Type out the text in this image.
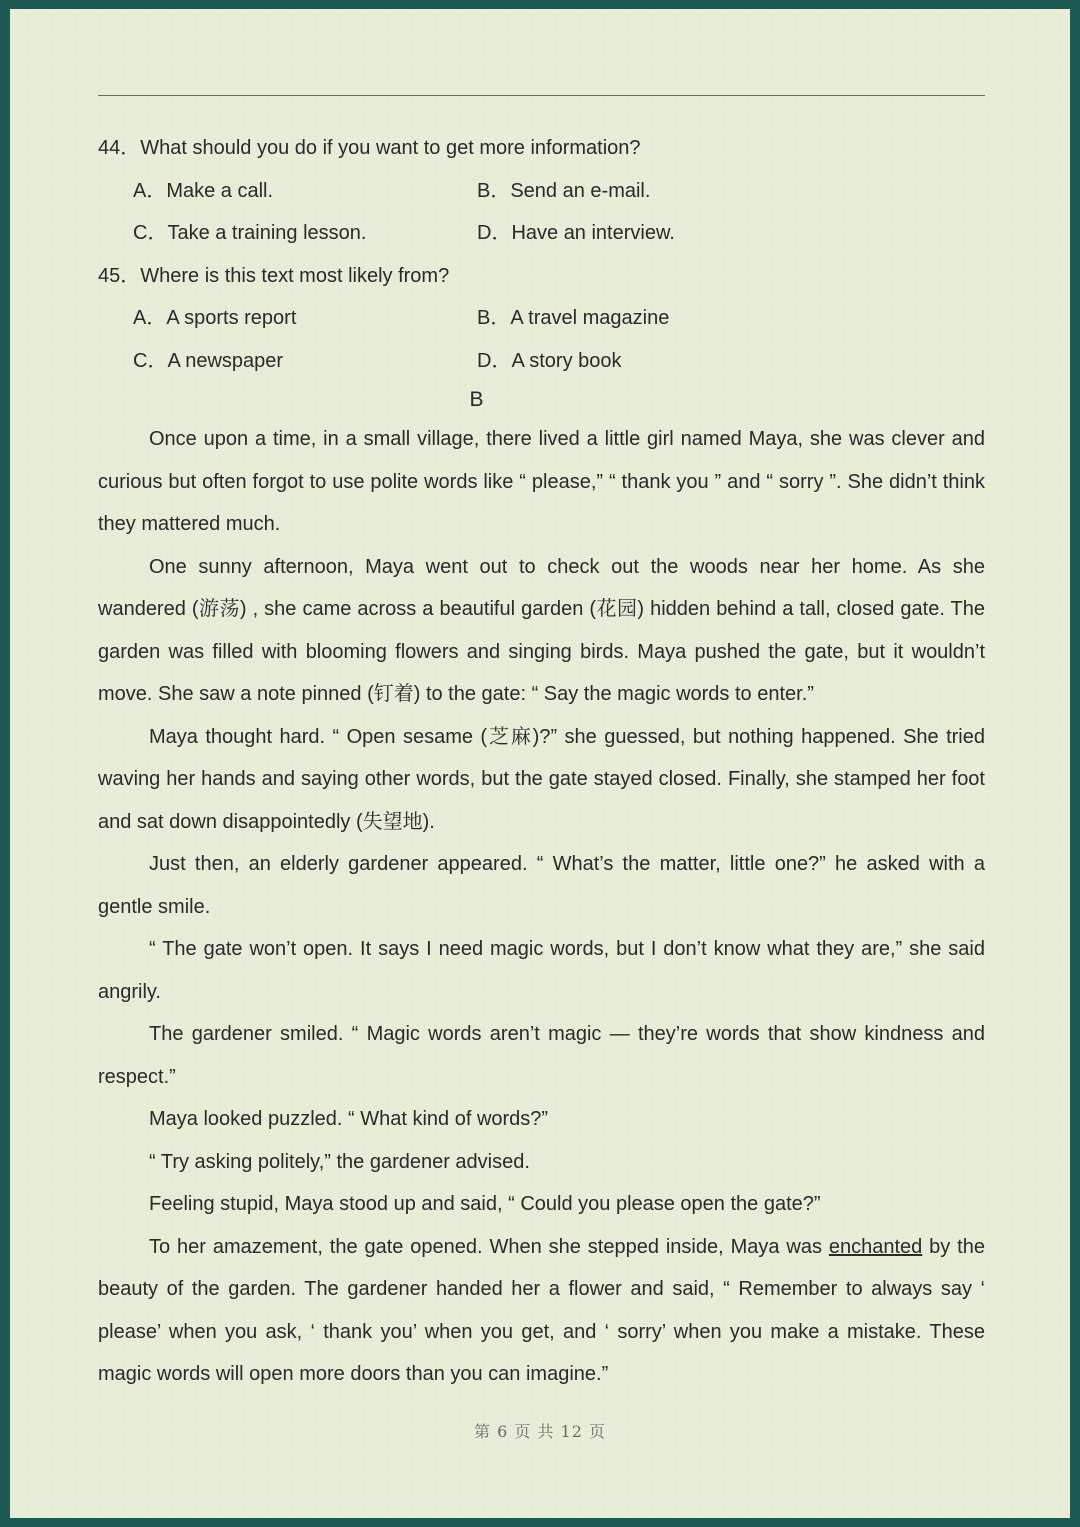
44．What should you do if you want to get more information?
A．Make a call.	B．Send an e-mail.
C．Take a training lesson.	D．Have an interview.
45．Where is this text most likely from?
A．A sports report	B．A travel magazine
C．A newspaper	D．A story book
B

Once upon a time, in a small village, there lived a little girl named Maya, she was clever and curious but often forgot to use polite words like “ please,” “ thank you ” and “ sorry ”. She didn’t think they mattered much.

One sunny afternoon, Maya went out to check out the woods near her home. As she wandered (游荡) , she came across a beautiful garden (花园) hidden behind a tall, closed gate. The garden was filled with blooming flowers and singing birds. Maya pushed the gate, but it wouldn’t move. She saw a note pinned (钉着) to the gate: “ Say the magic words to enter.”

Maya thought hard. “ Open sesame (芝麻)?” she guessed, but nothing happened. She tried waving her hands and saying other words, but the gate stayed closed. Finally, she stamped her foot and sat down disappointedly (失望地).

Just then, an elderly gardener appeared. “ What’s the matter, little one?” he asked with a gentle smile.

“ The gate won’t open. It says I need magic words, but I don’t know what they are,” she said angrily.

The gardener smiled. “ Magic words aren’t magic — they’re words that show kindness and respect.”

Maya looked puzzled. “ What kind of words?”

“ Try asking politely,” the gardener advised.

Feeling stupid, Maya stood up and said, “ Could you please open the gate?”

To her amazement, the gate opened. When she stepped inside, Maya was enchanted by the beauty of the garden. The gardener handed her a flower and said, “ Remember to always say ‘ please’ when you ask, ‘ thank you’ when you get, and ‘ sorry’ when you make a mistake. These magic words will open more doors than you can imagine.”

第 6 页 共 12 页
